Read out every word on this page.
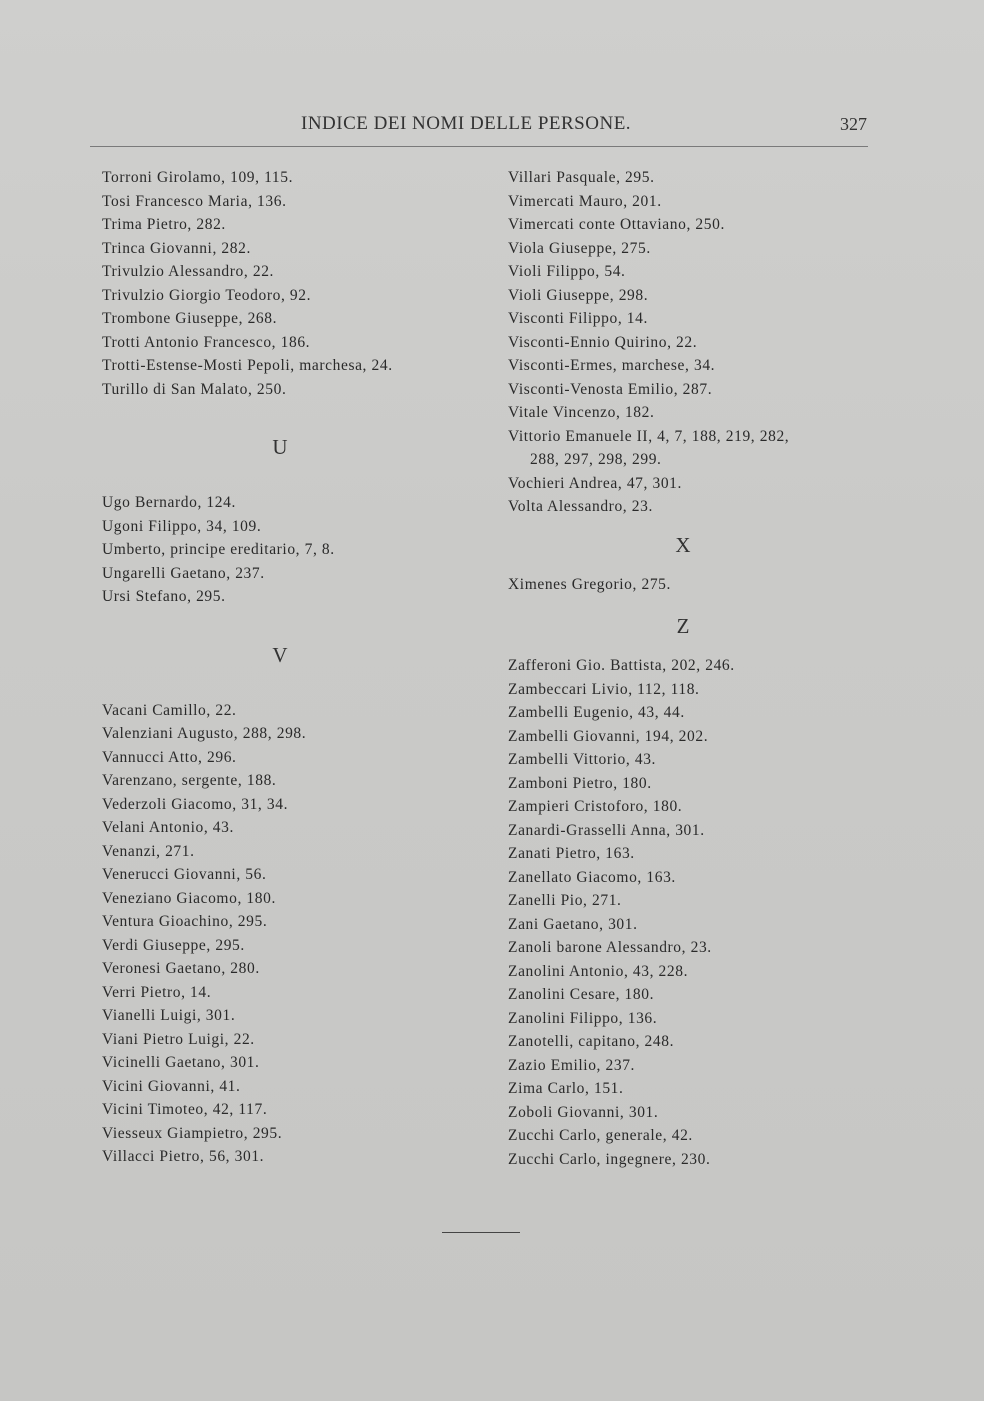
INDICE DEI NOMI DELLE PERSONE.	327
Torroni Girolamo, 109, 115.
Tosi Francesco Maria, 136.
Trima Pietro, 282.
Trinca Giovanni, 282.
Trivulzio Alessandro, 22.
Trivulzio Giorgio Teodoro, 92.
Trombone Giuseppe, 268.
Trotti Antonio Francesco, 186.
Trotti-Estense-Mosti Pepoli, marchesa, 24.
Turillo di San Malato, 250.
U
Ugo Bernardo, 124.
Ugoni Filippo, 34, 109.
Umberto, principe ereditario, 7, 8.
Ungarelli Gaetano, 237.
Ursi Stefano, 295.
V
Vacani Camillo, 22.
Valenziani Augusto, 288, 298.
Vannucci Atto, 296.
Varenzano, sergente, 188.
Vederzoli Giacomo, 31, 34.
Velani Antonio, 43.
Venanzi, 271.
Venerucci Giovanni, 56.
Veneziano Giacomo, 180.
Ventura Gioachino, 295.
Verdi Giuseppe, 295.
Veronesi Gaetano, 280.
Verri Pietro, 14.
Vianelli Luigi, 301.
Viani Pietro Luigi, 22.
Vicinelli Gaetano, 301.
Vicini Giovanni, 41.
Vicini Timoteo, 42, 117.
Viesseux Giampietro, 295.
Villacci Pietro, 56, 301.
Villari Pasquale, 295.
Vimercati Mauro, 201.
Vimercati conte Ottaviano, 250.
Viola Giuseppe, 275.
Violi Filippo, 54.
Violi Giuseppe, 298.
Visconti Filippo, 14.
Visconti-Ennio Quirino, 22.
Visconti-Ermes, marchese, 34.
Visconti-Venosta Emilio, 287.
Vitale Vincenzo, 182.
Vittorio Emanuele II, 4, 7, 188, 219, 282,
288, 297, 298, 299.
Vochieri Andrea, 47, 301.
Volta Alessandro, 23.
X
Ximenes Gregorio, 275.
Z
Zafferoni Gio. Battista, 202, 246.
Zambeccari Livio, 112, 118.
Zambelli Eugenio, 43, 44.
Zambelli Giovanni, 194, 202.
Zambelli Vittorio, 43.
Zamboni Pietro, 180.
Zampieri Cristoforo, 180.
Zanardi-Grasselli Anna, 301.
Zanati Pietro, 163.
Zanellato Giacomo, 163.
Zanelli Pio, 271.
Zani Gaetano, 301.
Zanoli barone Alessandro, 23.
Zanolini Antonio, 43, 228.
Zanolini Cesare, 180.
Zanolini Filippo, 136.
Zanotelli, capitano, 248.
Zazio Emilio, 237.
Zima Carlo, 151.
Zoboli Giovanni, 301.
Zucchi Carlo, generale, 42.
Zucchi Carlo, ingegnere, 230.
